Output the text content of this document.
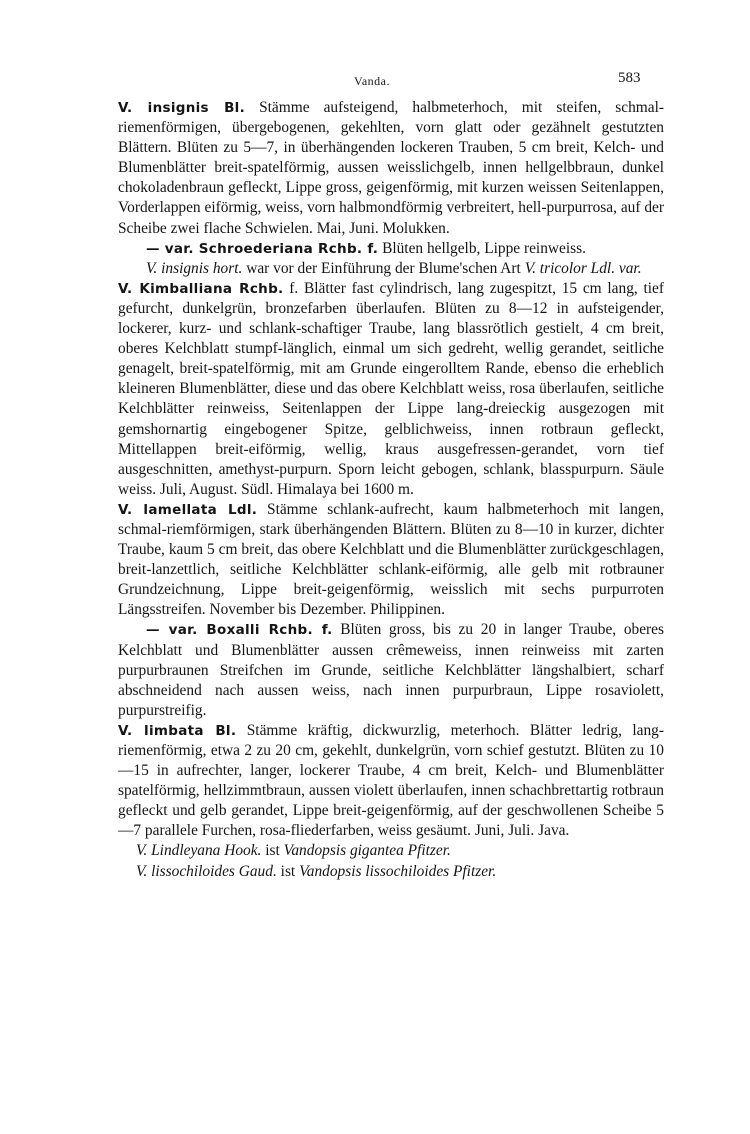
Vanda.	583

V. insignis Bl. Stämme aufsteigend, halbmeterhoch, mit steifen, schmal-riemenförmigen, übergebogenen, gekehlten, vorn glatt oder gezähnelt gestutzten Blättern. Blüten zu 5—7, in überhängenden lockeren Trauben, 5 cm breit, Kelch- und Blumenblätter breit-spatelförmig, aussen weisslichgelb, innen hellgelbbraun, dunkel chokoladenbraun gefleckt, Lippe gross, geigenförmig, mit kurzen weissen Seitenlappen, Vorderlappen eiförmig, weiss, vorn halbmondförmig verbreitert, hell-purpurrosa, auf der Scheibe zwei flache Schwielen. Mai, Juni. Molukken.

— var. Schroederiana Rchb. f. Blüten hellgelb, Lippe reinweiss.

V. insignis hort. war vor der Einführung der Blume'schen Art V. tricolor Ldl. var.

V. Kimballiana Rchb. f. Blätter fast cylindrisch, lang zugespitzt, 15 cm lang, tief gefurcht, dunkelgrün, bronzefarben überlaufen. Blüten zu 8—12 in aufsteigender, lockerer, kurz- und schlank-schaftiger Traube, lang blassrötlich gestielt, 4 cm breit, oberes Kelchblatt stumpf-länglich, einmal um sich gedreht, wellig gerandet, seitliche genagelt, breit-spatelförmig, mit am Grunde eingerolltem Rande, ebenso die erheblich kleineren Blumenblätter, diese und das obere Kelchblatt weiss, rosa überlaufen, seitliche Kelchblätter reinweiss, Seitenlappen der Lippe lang-dreieckig ausgezogen mit gemshornartig eingebogener Spitze, gelblichweiss, innen rotbraun gefleckt, Mittellappen breit-eiförmig, wellig, kraus ausgefressen-gerandet, vorn tief ausgeschnitten, amethyst-purpurn. Sporn leicht gebogen, schlank, blasspurpurn. Säule weiss. Juli, August. Südl. Himalaya bei 1600 m.

V. lamellata Ldl. Stämme schlank-aufrecht, kaum halbmeterhoch mit langen, schmal-riemförmigen, stark überhängenden Blättern. Blüten zu 8—10 in kurzer, dichter Traube, kaum 5 cm breit, das obere Kelchblatt und die Blumenblätter zurückgeschlagen, breit-lanzettlich, seitliche Kelchblätter schlank-eiförmig, alle gelb mit rotbrauner Grundzeichnung, Lippe breit-geigenförmig, weisslich mit sechs purpurroten Längsstreifen. November bis Dezember. Philippinen.

— var. Boxalli Rchb. f. Blüten gross, bis zu 20 in langer Traube, oberes Kelchblatt und Blumenblätter aussen crêmeweiss, innen reinweiss mit zarten purpurbraunen Streifchen im Grunde, seitliche Kelchblätter längshalbiert, scharf abschneidend nach aussen weiss, nach innen purpurbraun, Lippe rosaviolett, purpurstreifig.

V. limbata Bl. Stämme kräftig, dickwurzlig, meterhoch. Blätter ledrig, lang-riemenförmig, etwa 2 zu 20 cm, gekehlt, dunkelgrün, vorn schief gestutzt. Blüten zu 10—15 in aufrechter, langer, lockerer Traube, 4 cm breit, Kelch- und Blumenblätter spatelförmig, hellzimmtbraun, aussen violett überlaufen, innen schachbrettartig rotbraun gefleckt und gelb gerandet, Lippe breit-geigenförmig, auf der geschwollenen Scheibe 5—7 parallele Furchen, rosa-fliederfarben, weiss gesäumt. Juni, Juli. Java.

V. Lindleyana Hook. ist Vandopsis gigantea Pfitzer.

V. lissochiloides Gaud. ist Vandopsis lissochiloides Pfitzer.
